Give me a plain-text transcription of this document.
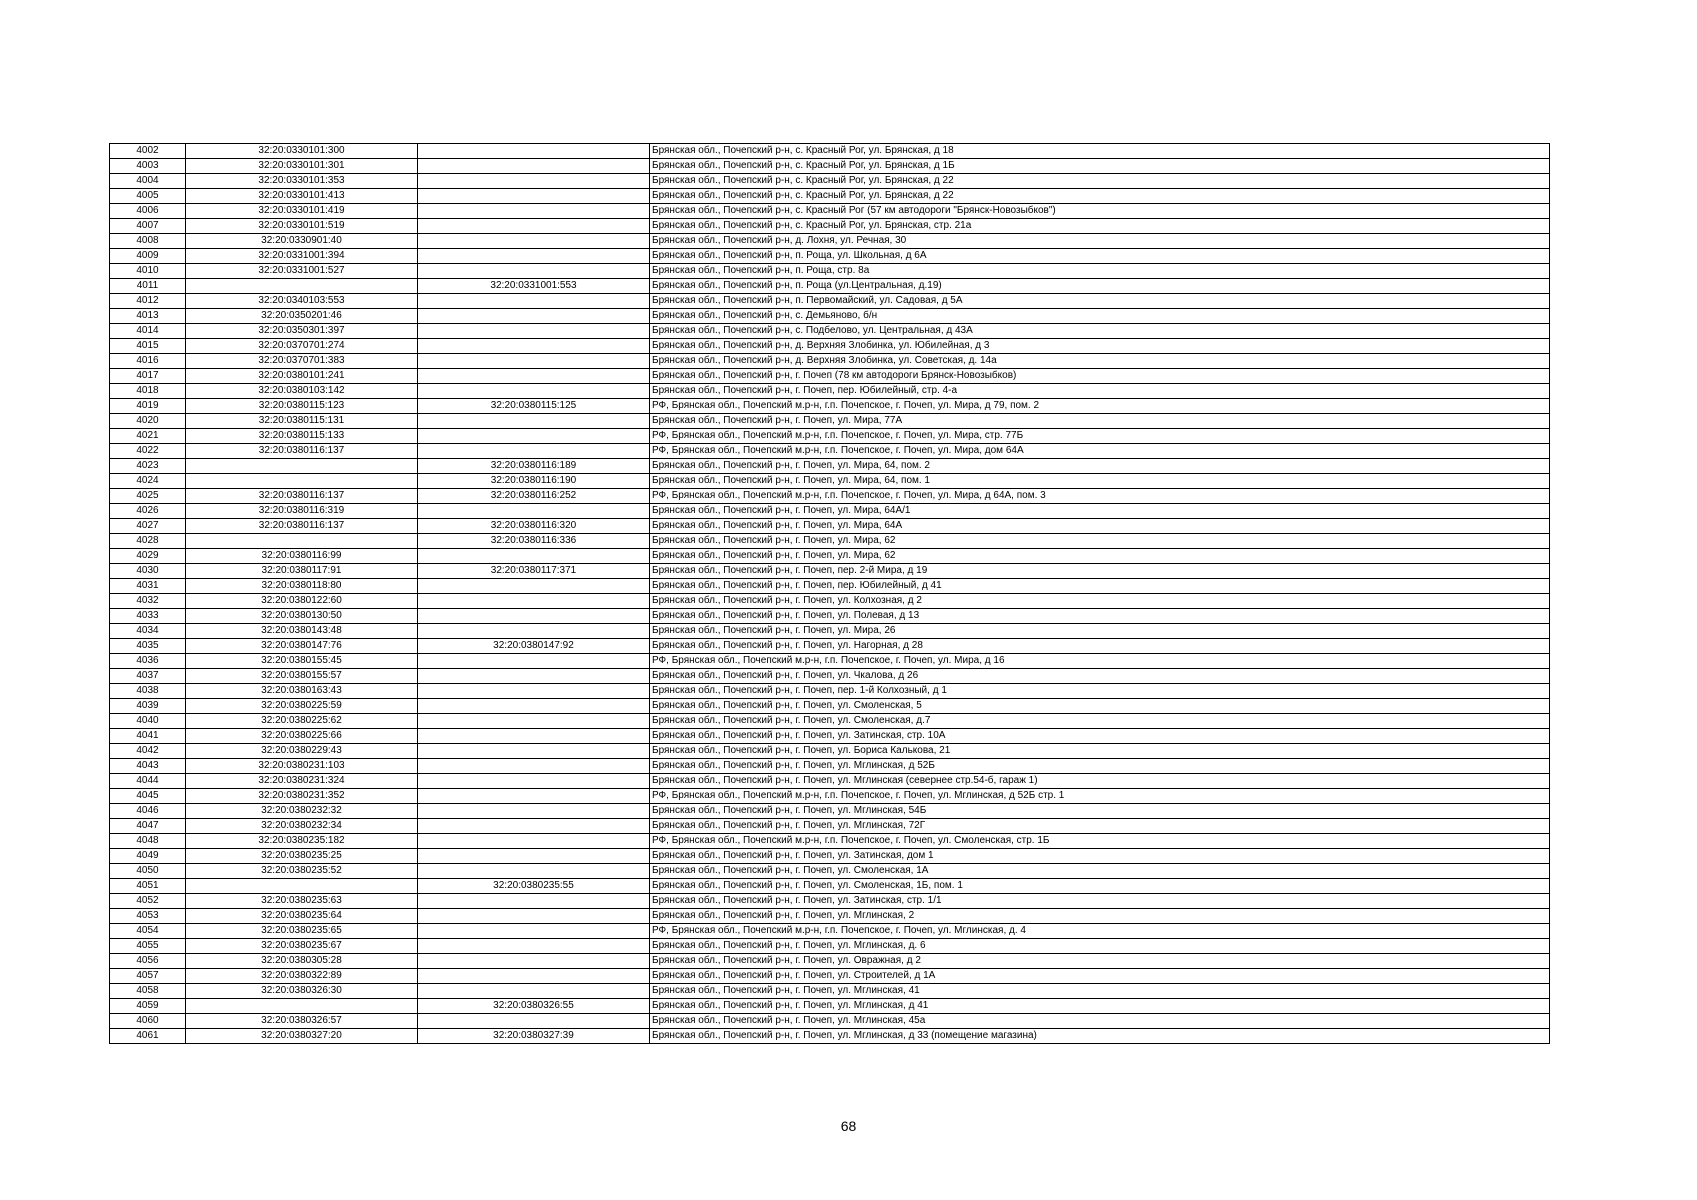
4002	32:20:0330101:300		Брянская обл., Почепский р-н, с. Красный Рог, ул. Брянская, д 18
4003	32:20:0330101:301		Брянская обл., Почепский р-н, с. Красный Рог, ул. Брянская, д 1Б
4004	32:20:0330101:353		Брянская обл., Почепский р-н, с. Красный Рог, ул. Брянская, д 22
4005	32:20:0330101:413		Брянская обл., Почепский р-н, с. Красный Рог, ул. Брянская, д 22
4006	32:20:0330101:419		Брянская обл., Почепский р-н, с. Красный Рог (57 км автодороги "Брянск-Новозыбков")
4007	32:20:0330101:519		Брянская обл., Почепский р-н, с. Красный Рог, ул. Брянская, стр. 21а
4008	32:20:0330901:40		Брянская обл., Почепский р-н, д. Лохня, ул. Речная, 30
4009	32:20:0331001:394		Брянская обл., Почепский р-н, п. Роща, ул. Школьная, д 6А
4010	32:20:0331001:527		Брянская обл., Почепский р-н, п. Роща, стр. 8а
4011		32:20:0331001:553	Брянская обл., Почепский р-н, п. Роща (ул.Центральная, д.19)
4012	32:20:0340103:553		Брянская обл., Почепский р-н, п. Первомайский, ул. Садовая, д 5А
4013	32:20:0350201:46		Брянская обл., Почепский р-н, с. Демьяново, б/н
4014	32:20:0350301:397		Брянская обл., Почепский р-н, с. Подбелово, ул. Центральная, д 43А
4015	32:20:0370701:274		Брянская обл., Почепский р-н, д. Верхняя Злобинка, ул. Юбилейная, д 3
4016	32:20:0370701:383		Брянская обл., Почепский р-н, д. Верхняя Злобинка, ул. Советская, д. 14а
4017	32:20:0380101:241		Брянская обл., Почепский р-н, г. Почеп (78 км автодороги Брянск-Новозыбков)
4018	32:20:0380103:142		Брянская обл., Почепский р-н, г. Почеп, пер. Юбилейный, стр. 4-а
4019	32:20:0380115:123	32:20:0380115:125	РФ, Брянская обл., Почепский м.р-н, г.п. Почепское, г. Почеп, ул. Мира, д 79, пом. 2
4020	32:20:0380115:131		Брянская обл., Почепский р-н, г. Почеп, ул. Мира, 77А
4021	32:20:0380115:133		РФ, Брянская обл., Почепский м.р-н, г.п. Почепское, г. Почеп, ул. Мира, стр. 77Б
4022	32:20:0380116:137		РФ, Брянская обл., Почепский м.р-н, г.п. Почепское, г. Почеп, ул. Мира, дом 64А
4023		32:20:0380116:189	Брянская обл., Почепский р-н, г. Почеп, ул. Мира, 64, пом. 2
4024		32:20:0380116:190	Брянская обл., Почепский р-н, г. Почеп, ул. Мира, 64, пом. 1
4025	32:20:0380116:137	32:20:0380116:252	РФ, Брянская обл., Почепский м.р-н, г.п. Почепское, г. Почеп, ул. Мира, д 64А, пом. 3
4026	32:20:0380116:319		Брянская обл., Почепский р-н, г. Почеп, ул. Мира, 64А/1
4027	32:20:0380116:137	32:20:0380116:320	Брянская обл., Почепский р-н, г. Почеп, ул. Мира, 64А
4028		32:20:0380116:336	Брянская обл., Почепский р-н, г. Почеп, ул. Мира, 62
4029	32:20:0380116:99		Брянская обл., Почепский р-н, г. Почеп, ул. Мира, 62
4030	32:20:0380117:91	32:20:0380117:371	Брянская обл., Почепский р-н, г. Почеп, пер. 2-й Мира, д 19
4031	32:20:0380118:80		Брянская обл., Почепский р-н, г. Почеп, пер. Юбилейный, д 41
4032	32:20:0380122:60		Брянская обл., Почепский р-н, г. Почеп, ул. Колхозная, д 2
4033	32:20:0380130:50		Брянская обл., Почепский р-н, г. Почеп, ул. Полевая, д 13
4034	32:20:0380143:48		Брянская обл., Почепский р-н, г. Почеп, ул. Мира, 26
4035	32:20:0380147:76	32:20:0380147:92	Брянская обл., Почепский р-н, г. Почеп, ул. Нагорная, д 28
4036	32:20:0380155:45		РФ, Брянская обл., Почепский м.р-н, г.п. Почепское, г. Почеп, ул. Мира, д 16
4037	32:20:0380155:57		Брянская обл., Почепский р-н, г. Почеп, ул. Чкалова, д 26
4038	32:20:0380163:43		Брянская обл., Почепский р-н, г. Почеп, пер. 1-й Колхозный, д 1
4039	32:20:0380225:59		Брянская обл., Почепский р-н, г. Почеп, ул. Смоленская, 5
4040	32:20:0380225:62		Брянская обл., Почепский р-н, г. Почеп, ул. Смоленская, д.7
4041	32:20:0380225:66		Брянская обл., Почепский р-н, г. Почеп, ул. Затинская, стр. 10А
4042	32:20:0380229:43		Брянская обл., Почепский р-н, г. Почеп, ул. Бориса Калькова, 21
4043	32:20:0380231:103		Брянская обл., Почепский р-н, г. Почеп, ул. Мглинская, д 52Б
4044	32:20:0380231:324		Брянская обл., Почепский р-н, г. Почеп, ул. Мглинская (севернее стр.54-б, гараж 1)
4045	32:20:0380231:352		РФ, Брянская обл., Почепский м.р-н, г.п. Почепское, г. Почеп, ул. Мглинская, д 52Б стр. 1
4046	32:20:0380232:32		Брянская обл., Почепский р-н, г. Почеп, ул. Мглинская, 54Б
4047	32:20:0380232:34		Брянская обл., Почепский р-н, г. Почеп, ул. Мглинская, 72Г
4048	32:20:0380235:182		РФ, Брянская обл., Почепский м.р-н, г.п. Почепское, г. Почеп, ул. Смоленская, стр. 1Б
4049	32:20:0380235:25		Брянская обл., Почепский р-н, г. Почеп, ул. Затинская, дом 1
4050	32:20:0380235:52		Брянская обл., Почепский р-н, г. Почеп, ул. Смоленская, 1А
4051		32:20:0380235:55	Брянская обл., Почепский р-н, г. Почеп, ул. Смоленская, 1Б, пом. 1
4052	32:20:0380235:63		Брянская обл., Почепский р-н, г. Почеп, ул. Затинская, стр. 1/1
4053	32:20:0380235:64		Брянская обл., Почепский р-н, г. Почеп, ул. Мглинская, 2
4054	32:20:0380235:65		РФ, Брянская обл., Почепский м.р-н, г.п. Почепское, г. Почеп, ул. Мглинская, д. 4
4055	32:20:0380235:67		Брянская обл., Почепский р-н, г. Почеп, ул. Мглинская, д. 6
4056	32:20:0380305:28		Брянская обл., Почепский р-н, г. Почеп, ул. Овражная, д 2
4057	32:20:0380322:89		Брянская обл., Почепский р-н, г. Почеп, ул. Строителей, д 1А
4058	32:20:0380326:30		Брянская обл., Почепский р-н, г. Почеп, ул. Мглинская, 41
4059		32:20:0380326:55	Брянская обл., Почепский р-н, г. Почеп, ул. Мглинская, д 41
4060	32:20:0380326:57		Брянская обл., Почепский р-н, г. Почеп, ул. Мглинская, 45а
4061	32:20:0380327:20	32:20:0380327:39	Брянская обл., Почепский р-н, г. Почеп, ул. Мглинская, д 33 (помещение магазина)
68
